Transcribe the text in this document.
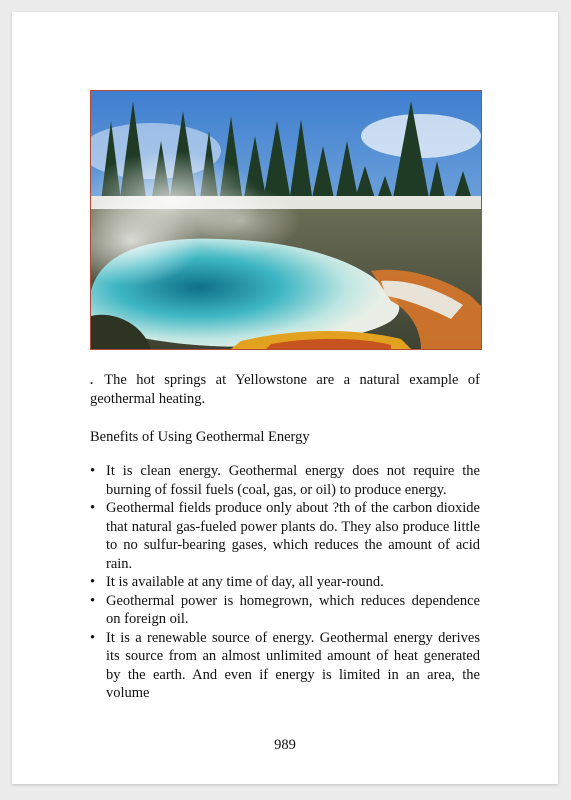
. The hot springs at Yellowstone are a natural example of geothermal heating.

Benefits of Using Geothermal Energy

• It is clean energy. Geothermal energy does not require the burning of fossil fuels (coal, gas, or oil) to produce energy.
• Geothermal fields produce only about ?th of the carbon dioxide that natural gas-fueled power plants do. They also produce little to no sulfur-bearing gases, which reduces the amount of acid rain.
• It is available at any time of day, all year-round.
• Geothermal power is homegrown, which reduces dependence on foreign oil.
• It is a renewable source of energy. Geothermal energy derives its source from an almost unlimited amount of heat generated by the earth. And even if energy is limited in an area, the volume
989
